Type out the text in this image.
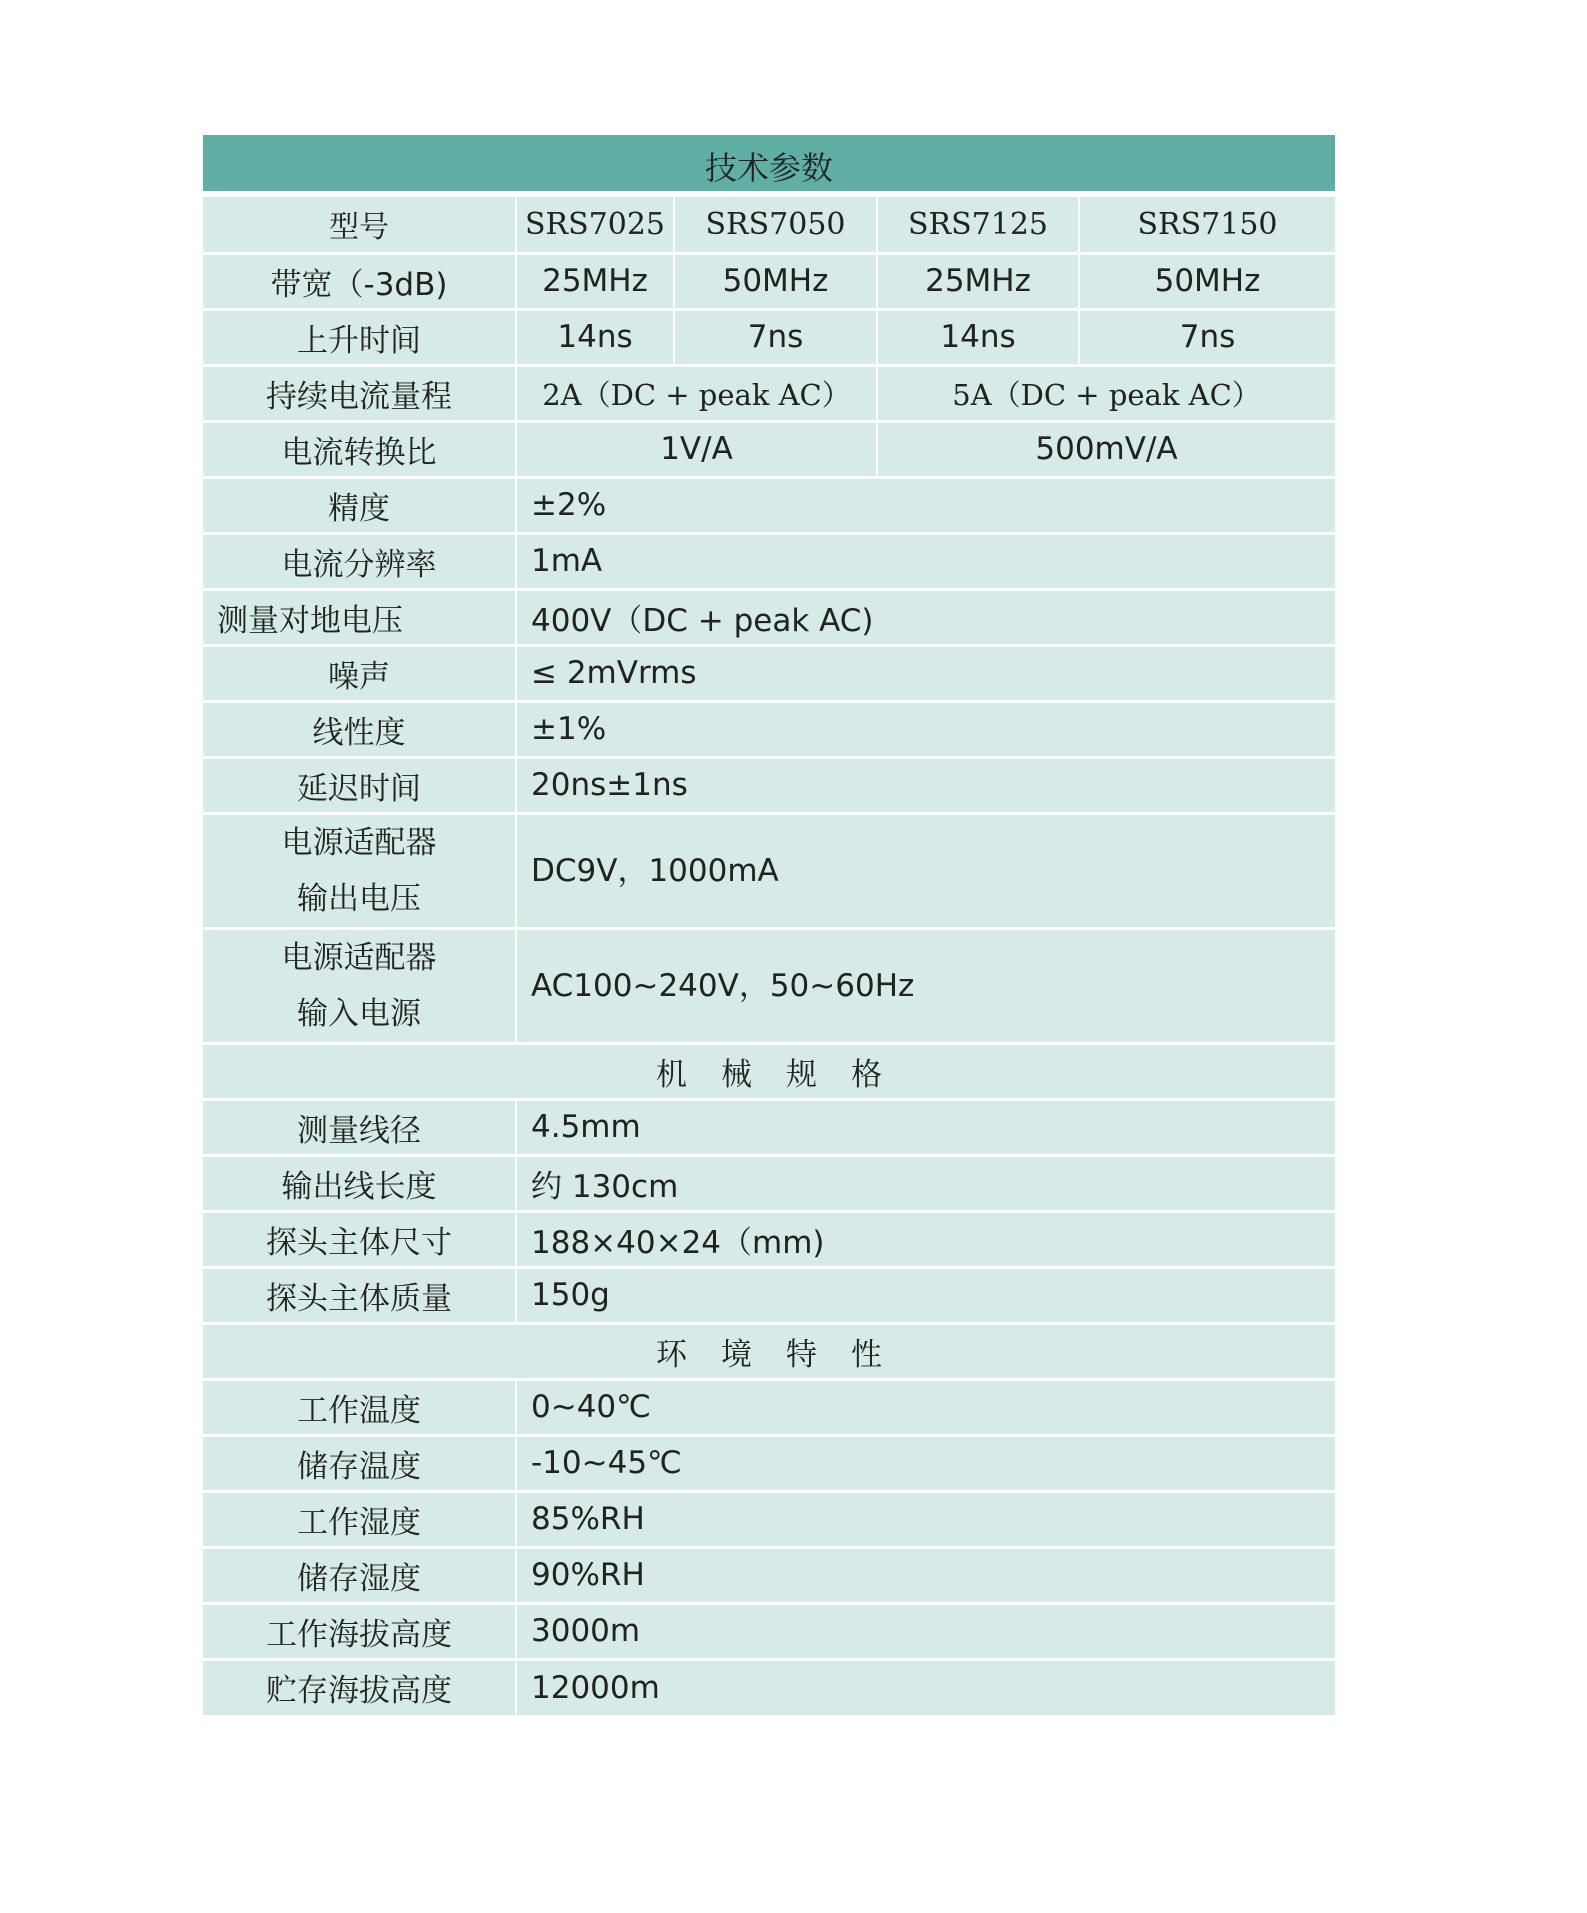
技术参数				

型号	SRS7025	SRS7050	SRS7125	SRS7150
带宽（-3dB)	25MHz	50MHz	25MHz	50MHz
上升时间	14ns	7ns	14ns	7ns
持续电流量程	2A（DC + peak AC）		5A（DC + peak AC）	
电流转换比	1V/A		500mV/A	
精度	±2%			
电流分辨率	1mA			
测量对地电压	400V（DC + peak AC)			
噪声	≤ 2mVrms			
线性度	±1%			
延迟时间	20ns±1ns			

电源适配器
输出电压	DC9V，1000mA			

电源适配器
输入电源	AC100~240V，50~60Hz			
机械规格				
测量线径	4.5mm			
输出线长度	约 130cm			
探头主体尺寸	188×40×24（mm)			
探头主体质量	150g			
环境特性				
工作温度	0~40℃			
储存温度	-10~45℃			
工作湿度	85%RH			
储存湿度	90%RH			
工作海拔高度	3000m			
贮存海拔高度	12000m			
